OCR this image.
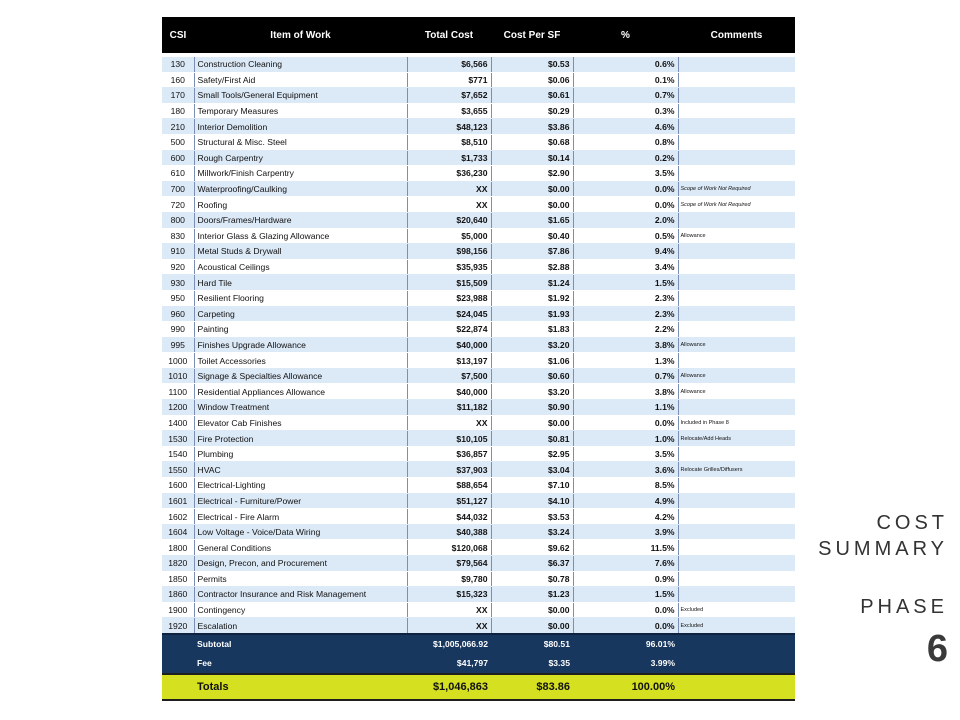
CSI	Item of Work	Total Cost	Cost Per SF	%	Comments

130	Construction Cleaning	$6,566	$0.53	0.6%	
160	Safety/First Aid	$771	$0.06	0.1%	
170	Small Tools/General Equipment	$7,652	$0.61	0.7%	
180	Temporary Measures	$3,655	$0.29	0.3%	
210	Interior Demolition	$48,123	$3.86	4.6%	
500	Structural & Misc. Steel	$8,510	$0.68	0.8%	
600	Rough Carpentry	$1,733	$0.14	0.2%	
610	Millwork/Finish Carpentry	$36,230	$2.90	3.5%	
700	Waterproofing/Caulking	XX	$0.00	0.0%	Scope of Work Not Required
720	Roofing	XX	$0.00	0.0%	Scope of Work Not Required
800	Doors/Frames/Hardware	$20,640	$1.65	2.0%	
830	Interior Glass & Glazing Allowance	$5,000	$0.40	0.5%	Allowance
910	Metal Studs & Drywall	$98,156	$7.86	9.4%	
920	Acoustical Ceilings	$35,935	$2.88	3.4%	
930	Hard Tile	$15,509	$1.24	1.5%	
950	Resilient Flooring	$23,988	$1.92	2.3%	
960	Carpeting	$24,045	$1.93	2.3%	
990	Painting	$22,874	$1.83	2.2%	
995	Finishes Upgrade Allowance	$40,000	$3.20	3.8%	Allowance
1000	Toilet Accessories	$13,197	$1.06	1.3%	
1010	Signage & Specialties Allowance	$7,500	$0.60	0.7%	Allowance
1100	Residential Appliances Allowance	$40,000	$3.20	3.8%	Allowance
1200	Window Treatment	$11,182	$0.90	1.1%	
1400	Elevator Cab Finishes	XX	$0.00	0.0%	Included in Phase 8
1530	Fire Protection	$10,105	$0.81	1.0%	Relocate/Add Heads
1540	Plumbing	$36,857	$2.95	3.5%	
1550	HVAC	$37,903	$3.04	3.6%	Relocate Grilles/Diffusers
1600	Electrical-Lighting	$88,654	$7.10	8.5%	
1601	Electrical - Furniture/Power	$51,127	$4.10	4.9%	
1602	Electrical - Fire Alarm	$44,032	$3.53	4.2%	
1604	Low Voltage - Voice/Data Wiring	$40,388	$3.24	3.9%	
1800	General Conditions	$120,068	$9.62	11.5%	
1820	Design, Precon, and Procurement	$79,564	$6.37	7.6%	
1850	Permits	$9,780	$0.78	0.9%	
1860	Contractor Insurance and Risk Management	$15,323	$1.23	1.5%	
1900	Contingency	XX	$0.00	0.0%	Excluded
1920	Escalation	XX	$0.00	0.0%	Excluded
	Subtotal	$1,005,066.92	$80.51	96.01%	
	Fee	$41,797	$3.35	3.99%	
	Totals	$1,046,863	$83.86	100.00%	
COST
SUMMARY
PHASE
6
